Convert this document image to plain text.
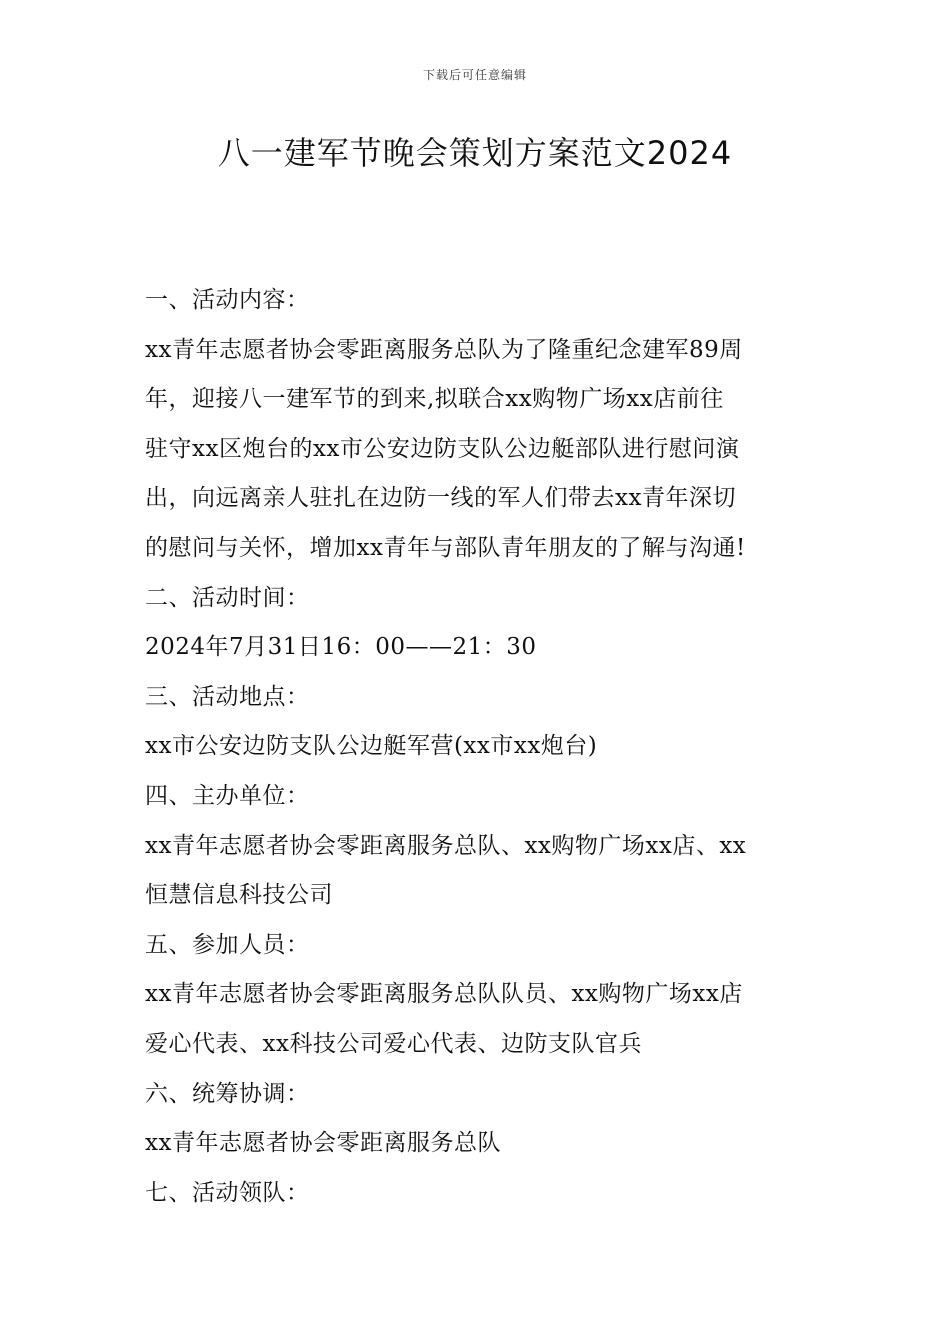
下载后可任意编辑
八一建军节晚会策划方案范文2024
一、活动内容：
xx青年志愿者协会零距离服务总队为了隆重纪念建军89周
年，迎接八一建军节的到来,拟联合xx购物广场xx店前往
驻守xx区炮台的xx市公安边防支队公边艇部队进行慰问演
出，向远离亲人驻扎在边防一线的军人们带去xx青年深切
的慰问与关怀，增加xx青年与部队青年朋友的了解与沟通!
二、活动时间：
2024年7月31日16：00——21：30
三、活动地点：
xx市公安边防支队公边艇军营(xx市xx炮台)
四、主办单位：
xx青年志愿者协会零距离服务总队、xx购物广场xx店、xx
恒慧信息科技公司
五、参加人员：
xx青年志愿者协会零距离服务总队队员、xx购物广场xx店
爱心代表、xx科技公司爱心代表、边防支队官兵
六、统筹协调：
xx青年志愿者协会零距离服务总队
七、活动领队：
